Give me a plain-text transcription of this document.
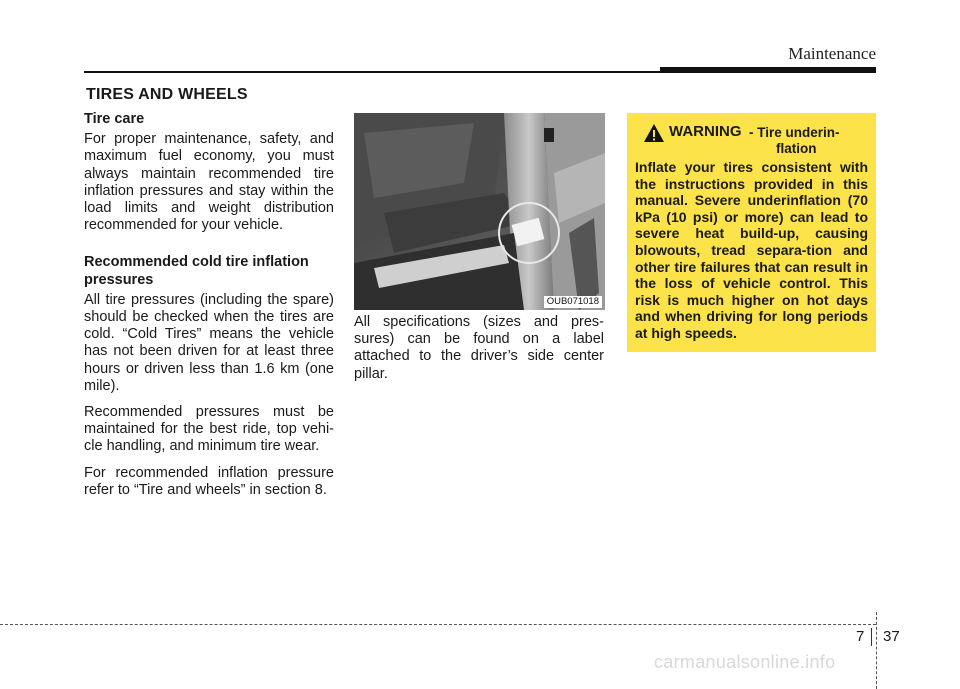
Maintenance
TIRES AND WHEELS

Tire care

For proper maintenance, safety, and maximum fuel economy, you must always maintain recommended tire inflation pressures and stay within the load limits and weight distribution recommended for your vehicle.

Recommended cold tire inflation pressures

All tire pressures (including the spare) should be checked when the tires are cold. “Cold Tires” means the vehicle has not been driven for at least three hours or driven less than 1.6 km (one mile).

Recommended pressures must be maintained for the best ride, top vehi-cle handling, and minimum tire wear.

For recommended inflation pressure refer to “Tire and wheels” in section 8.

OUB071018

All specifications (sizes and pres-sures) can be found on a label attached to the driver’s side center pillar.

WARNING - Tire underin-
flation

Inflate your tires consistent with the instructions provided in this manual. Severe underinflation (70 kPa (10 psi) or more) can lead to severe heat build-up, causing blowouts, tread separa-tion and other tire failures that can result in the loss of vehicle control. This risk is much higher on hot days and when driving for long periods at high speeds.

7 37
carmanualsonline.info
